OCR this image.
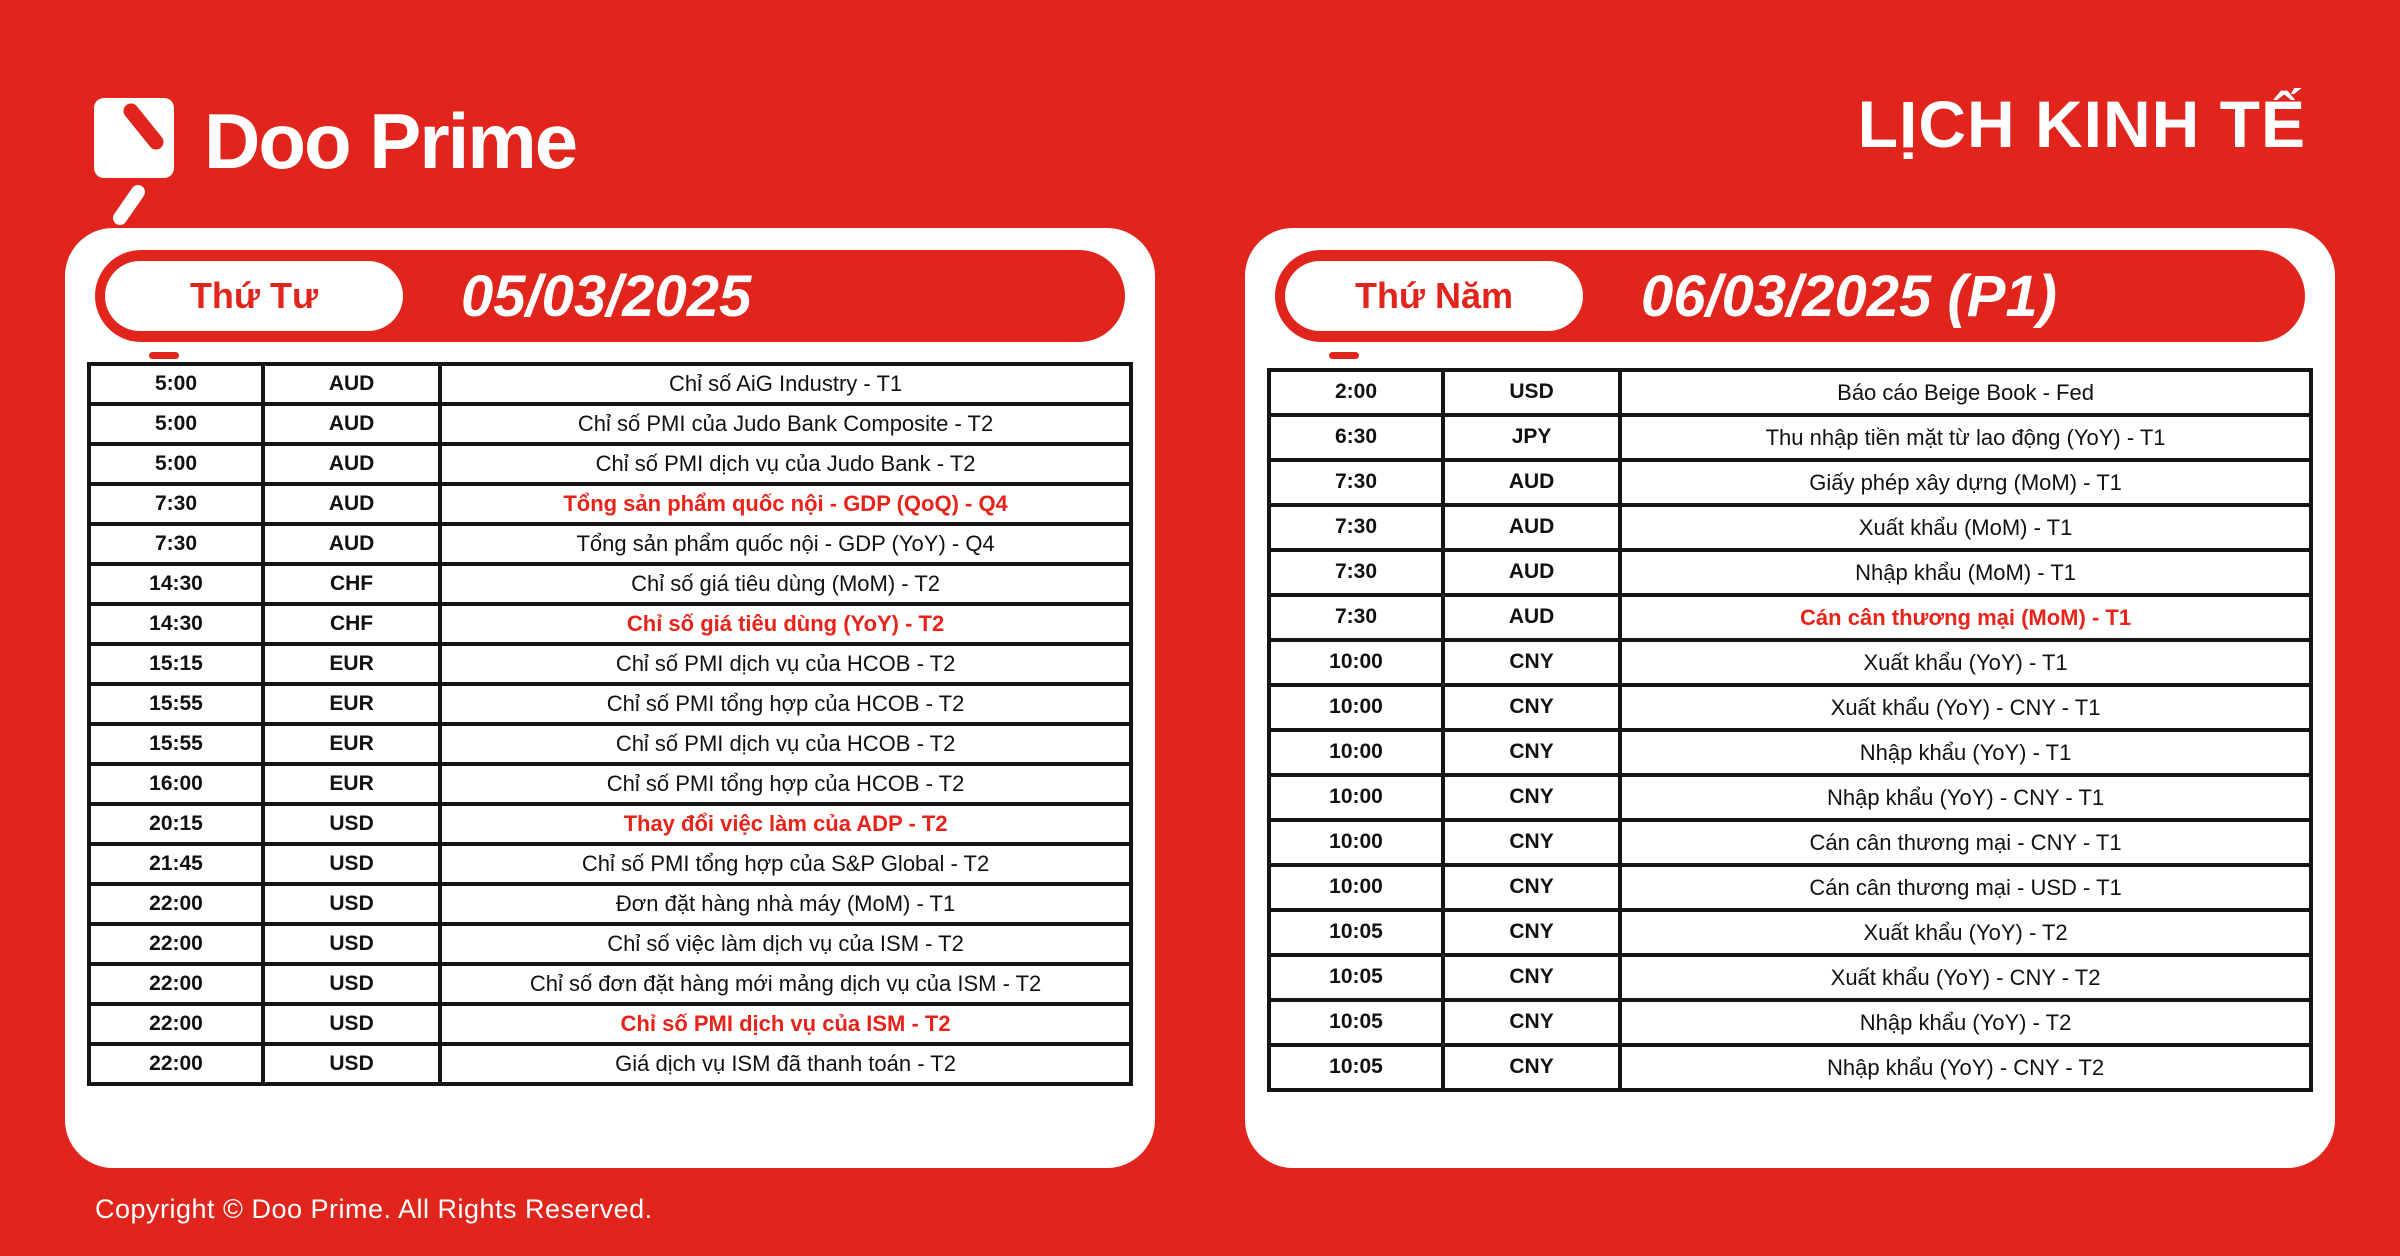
Doo Prime	LỊCH KINH TẾ
Thứ Tư	05/03/2025
5:00	AUD	Chỉ số AiG Industry - T1
5:00	AUD	Chỉ số PMI của Judo Bank Composite - T2
5:00	AUD	Chỉ số PMI dịch vụ của Judo Bank - T2
7:30	AUD	Tổng sản phẩm quốc nội - GDP (QoQ) - Q4
7:30	AUD	Tổng sản phẩm quốc nội - GDP (YoY) - Q4
14:30	CHF	Chỉ số giá tiêu dùng (MoM) - T2
14:30	CHF	Chỉ số giá tiêu dùng (YoY) - T2
15:15	EUR	Chỉ số PMI dịch vụ của HCOB - T2
15:55	EUR	Chỉ số PMI tổng hợp của HCOB - T2
15:55	EUR	Chỉ số PMI dịch vụ của HCOB - T2
16:00	EUR	Chỉ số PMI tổng hợp của HCOB - T2
20:15	USD	Thay đổi việc làm của ADP - T2
21:45	USD	Chỉ số PMI tổng hợp của S&P Global - T2
22:00	USD	Đơn đặt hàng nhà máy (MoM) - T1
22:00	USD	Chỉ số việc làm dịch vụ của ISM - T2
22:00	USD	Chỉ số đơn đặt hàng mới mảng dịch vụ của ISM - T2
22:00	USD	Chỉ số PMI dịch vụ của ISM - T2
22:00	USD	Giá dịch vụ ISM đã thanh toán - T2
Thứ Năm	06/03/2025 (P1)
2:00	USD	Báo cáo Beige Book - Fed
6:30	JPY	Thu nhập tiền mặt từ lao động (YoY) - T1
7:30	AUD	Giấy phép xây dựng (MoM) - T1
7:30	AUD	Xuất khẩu (MoM) - T1
7:30	AUD	Nhập khẩu (MoM) - T1
7:30	AUD	Cán cân thương mại (MoM) - T1
10:00	CNY	Xuất khẩu (YoY) - T1
10:00	CNY	Xuất khẩu (YoY) - CNY - T1
10:00	CNY	Nhập khẩu (YoY) - T1
10:00	CNY	Nhập khẩu (YoY) - CNY - T1
10:00	CNY	Cán cân thương mại - CNY - T1
10:00	CNY	Cán cân thương mại - USD - T1
10:05	CNY	Xuất khẩu (YoY) - T2
10:05	CNY	Xuất khẩu (YoY) - CNY - T2
10:05	CNY	Nhập khẩu (YoY) - T2
10:05	CNY	Nhập khẩu (YoY) - CNY - T2
Copyright © Doo Prime. All Rights Reserved.
